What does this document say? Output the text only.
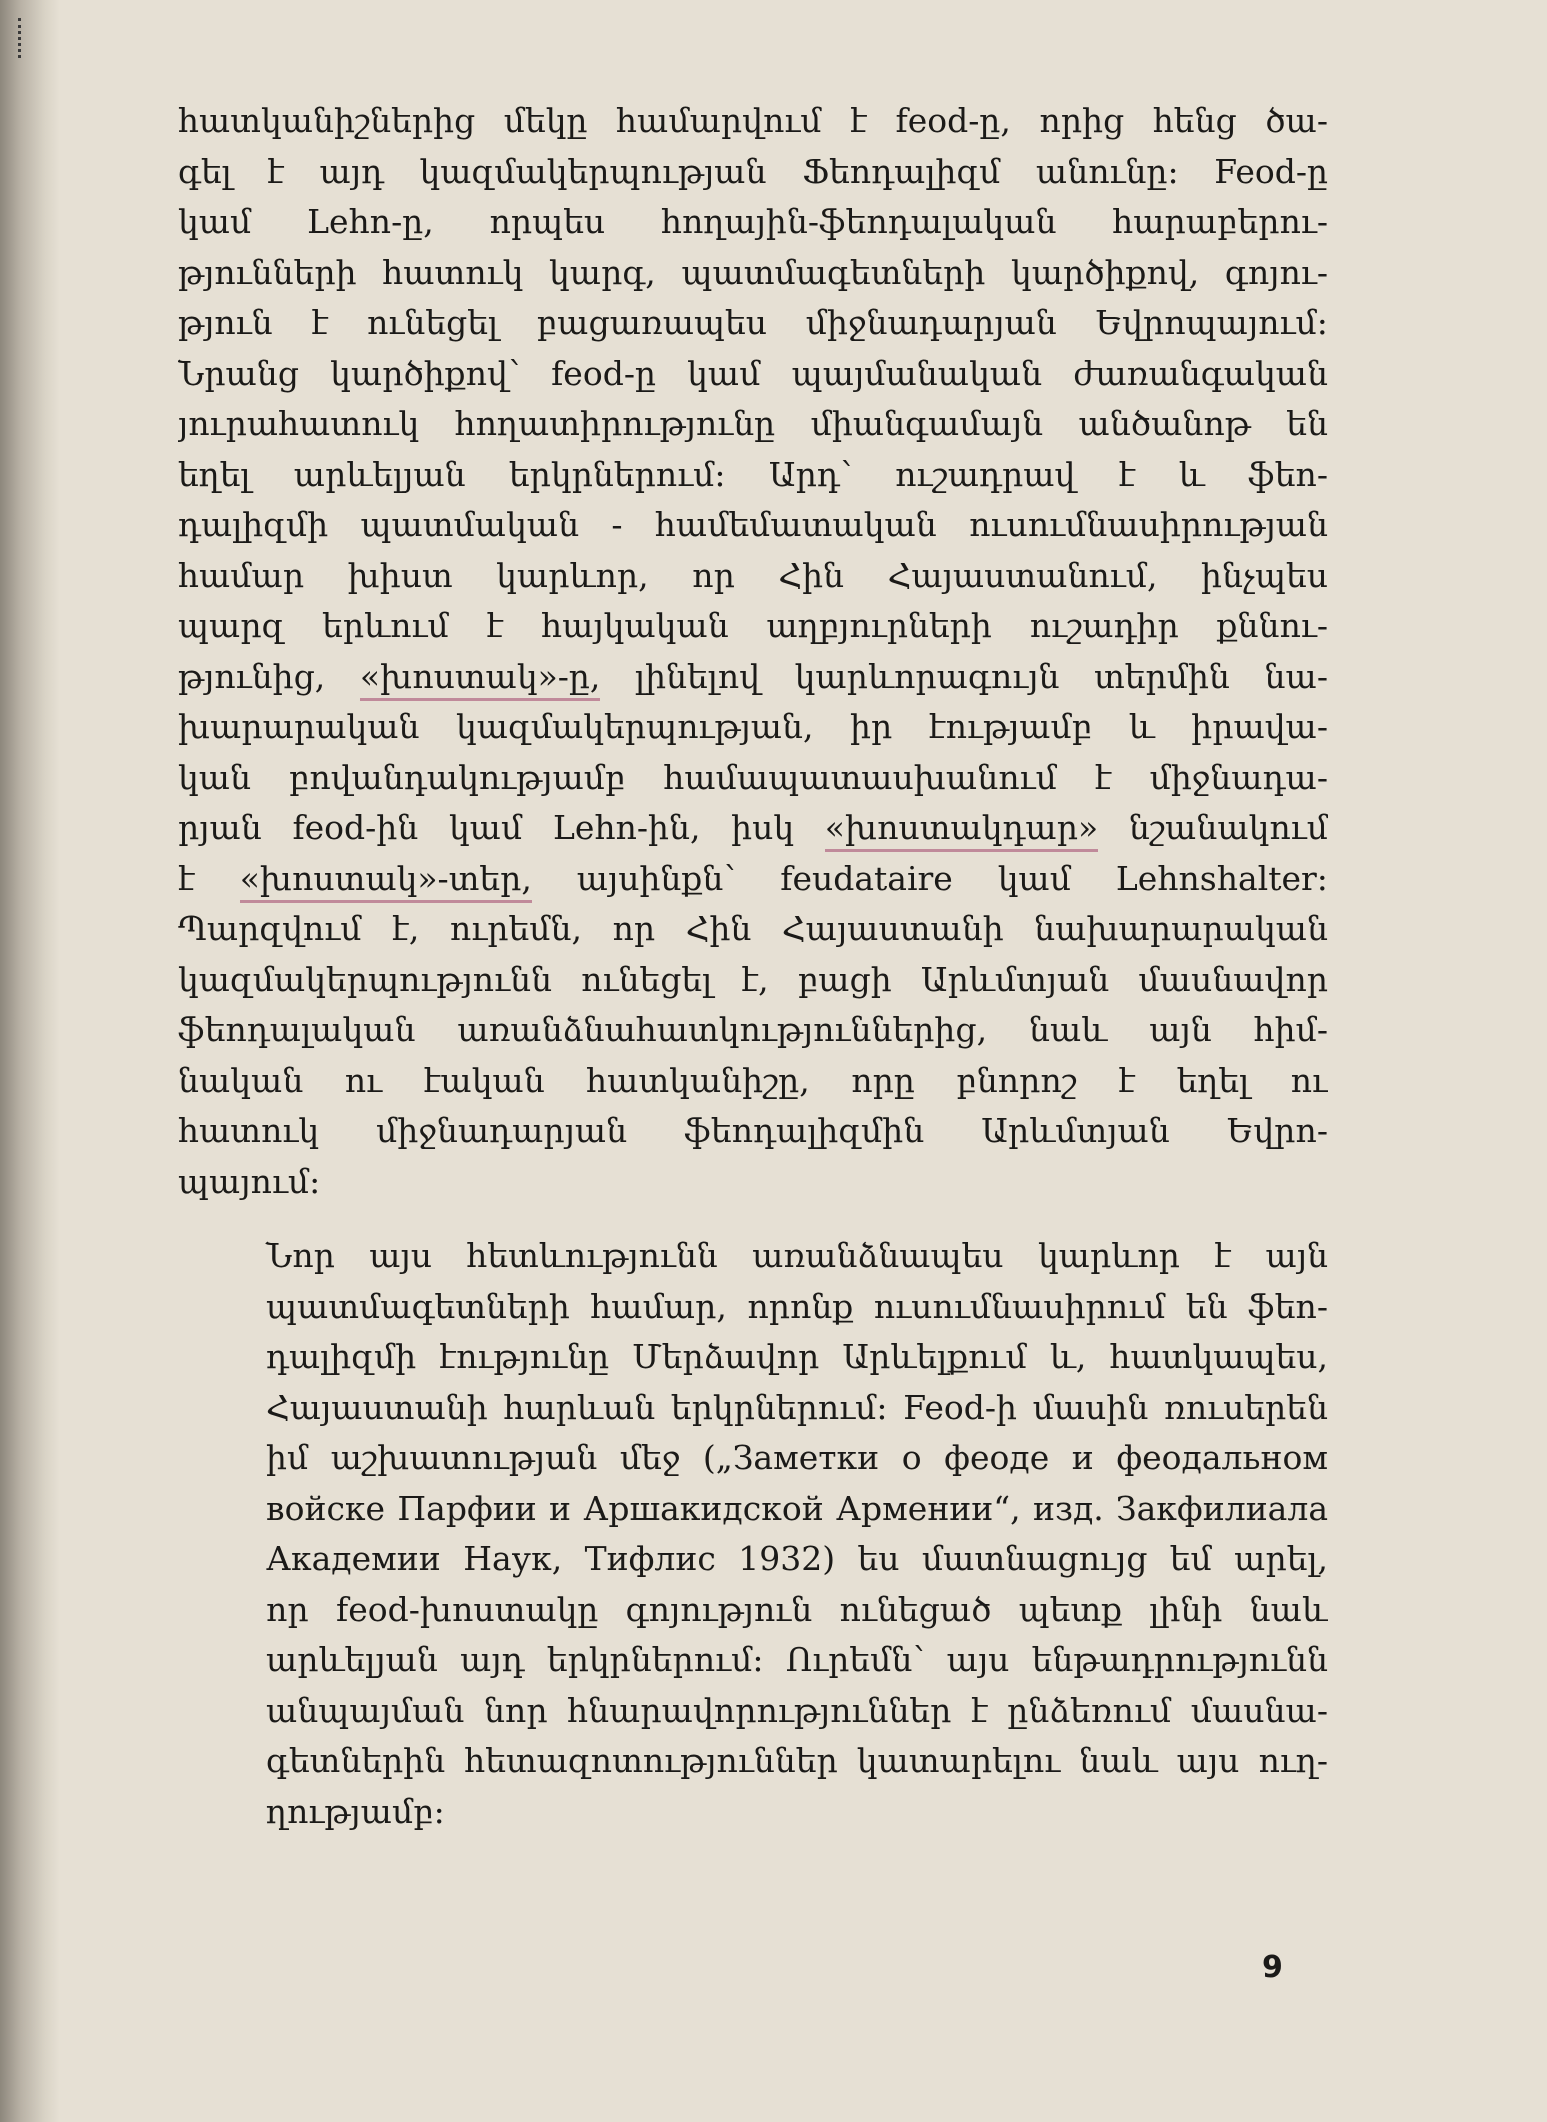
հատկանիշներից մեկը համարվում է feod-ը, որից հենց ծա-
գել է այդ կազմակերպության Ֆեոդալիզմ անունը։ Feod-ը
կամ Lehn-ը, որպես հողային-ֆեոդալական հարաբերու-
թյունների հատուկ կարգ, պատմագետների կարծիքով, գոյու-
թյուն է ունեցել բացառապես միջնադարյան Եվրոպայում։
Նրանց կարծիքով՝ feod-ը կամ պայմանական ժառանգական
յուրահատուկ հողատիրությունը միանգամայն անծանոթ են
եղել արևելյան երկրներում։ Արդ՝ ուշադրավ է և ֆեո-
դալիզմի պատմական - համեմատական ուսումնասիրության
համար խիստ կարևոր, որ Հին Հայաստանում, ինչպես
պարզ երևում է հայկական աղբյուրների ուշադիր քննու-
թյունից, «խոստակ»-ը, լինելով կարևորագույն տերմին նա-
խարարական կազմակերպության, իր էությամբ և իրավա-
կան բովանդակությամբ համապատասխանում է միջնադա-
րյան feod-ին կամ Lehn-ին, իսկ «խոստակդար» նշանակում
է «խոստակ»-տեր, այսինքն՝ feudataire կամ Lehnshalter։
Պարզվում է, ուրեմն, որ Հին Հայաստանի նախարարական
կազմակերպությունն ունեցել է, բացի Արևմտյան մասնավոր
ֆեոդալական առանձնահատկություններից, նաև այն հիմ-
նական ու էական հատկանիշը, որը բնորոշ է եղել ու
հատուկ միջնադարյան ֆեոդալիզմին Արևմտյան Եվրո-
պայում։
Նոր այս հետևությունն առանձնապես կարևոր է այն
պատմագետների համար, որոնք ուսումնասիրում են ֆեո-
դալիզմի էությունը Մերձավոր Արևելքում և, հատկապես,
Հայաստանի հարևան երկրներում։ Feod-ի մասին ռուսերեն
իմ աշխատության մեջ („Заметки о феоде и феодальном
войске Парфии и Аршакидской Армении“, изд. Закфилиала
Академии Наук, Тифлис 1932) ես մատնացույց եմ արել,
որ feod-խոստակը գոյություն ունեցած պետք լինի նաև
արևելյան այդ երկրներում։ Ուրեմն՝ այս ենթադրությունն
անպայման նոր հնարավորություններ է ընձեռում մասնա-
գետներին հետազոտություններ կատարելու նաև այս ուղ-
ղությամբ։
9
